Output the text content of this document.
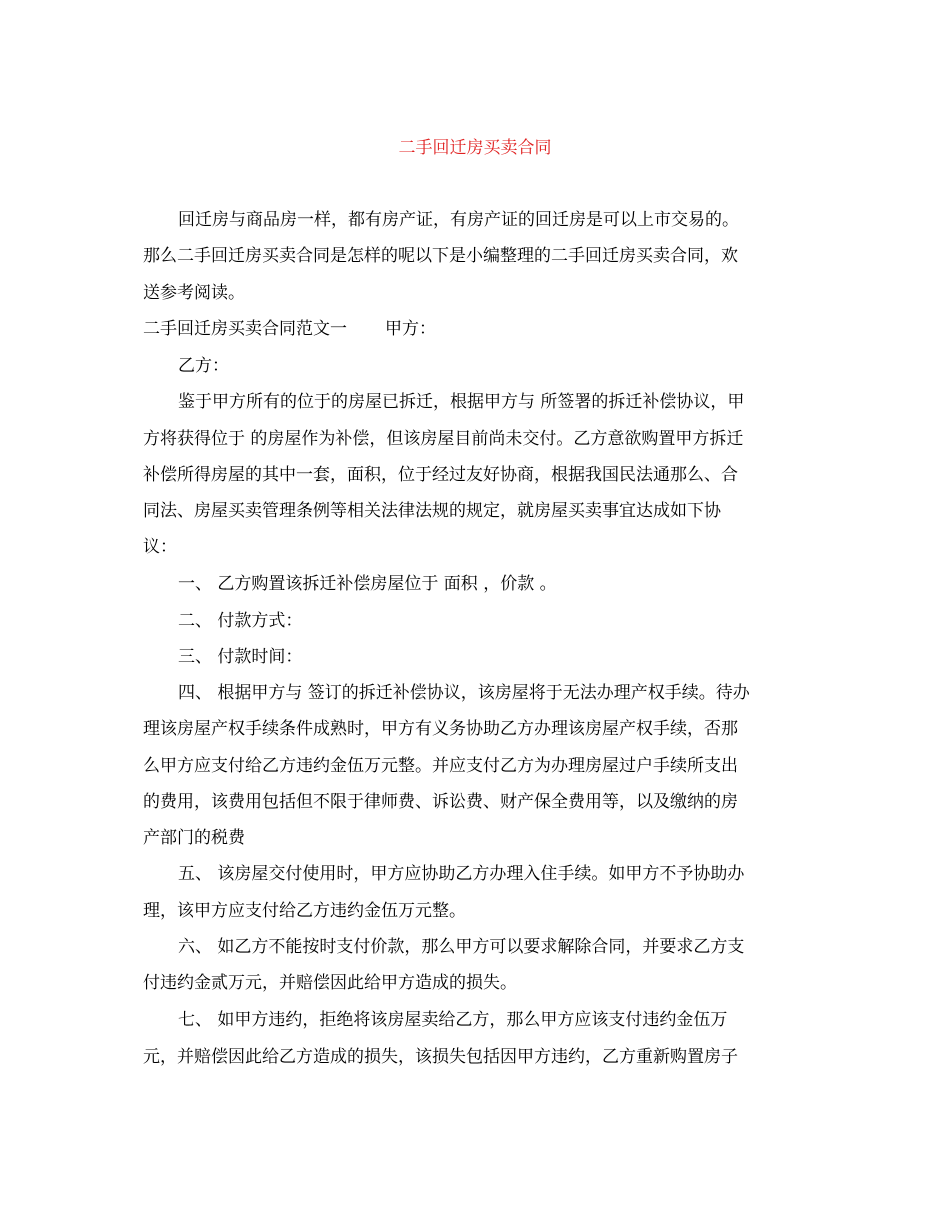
二手回迁房买卖合同
回迁房与商品房一样，都有房产证，有房产证的回迁房是可以上市交易的。
那么二手回迁房买卖合同是怎样的呢以下是小编整理的二手回迁房买卖合同，欢
送参考阅读。
二手回迁房买卖合同范文一 甲方：
乙方：
鉴于甲方所有的位于的房屋已拆迁，根据甲方与 所签署的拆迁补偿协议，甲
方将获得位于 的房屋作为补偿，但该房屋目前尚未交付。乙方意欲购置甲方拆迁
补偿所得房屋的其中一套，面积，位于经过友好协商，根据我国民法通那么、合
同法、房屋买卖管理条例等相关法律法规的规定，就房屋买卖事宜达成如下协
议：
一、 乙方购置该拆迁补偿房屋位于 面积 ，价款 。
二、 付款方式：
三、 付款时间：
四、 根据甲方与 签订的拆迁补偿协议，该房屋将于无法办理产权手续。待办
理该房屋产权手续条件成熟时，甲方有义务协助乙方办理该房屋产权手续，否那
么甲方应支付给乙方违约金伍万元整。并应支付乙方为办理房屋过户手续所支出
的费用，该费用包括但不限于律师费、诉讼费、财产保全费用等，以及缴纳的房
产部门的税费
五、 该房屋交付使用时，甲方应协助乙方办理入住手续。如甲方不予协助办
理，该甲方应支付给乙方违约金伍万元整。
六、 如乙方不能按时支付价款，那么甲方可以要求解除合同，并要求乙方支
付违约金贰万元，并赔偿因此给甲方造成的损失。
七、 如甲方违约，拒绝将该房屋卖给乙方，那么甲方应该支付违约金伍万
元，并赔偿因此给乙方造成的损失，该损失包括因甲方违约，乙方重新购置房子
